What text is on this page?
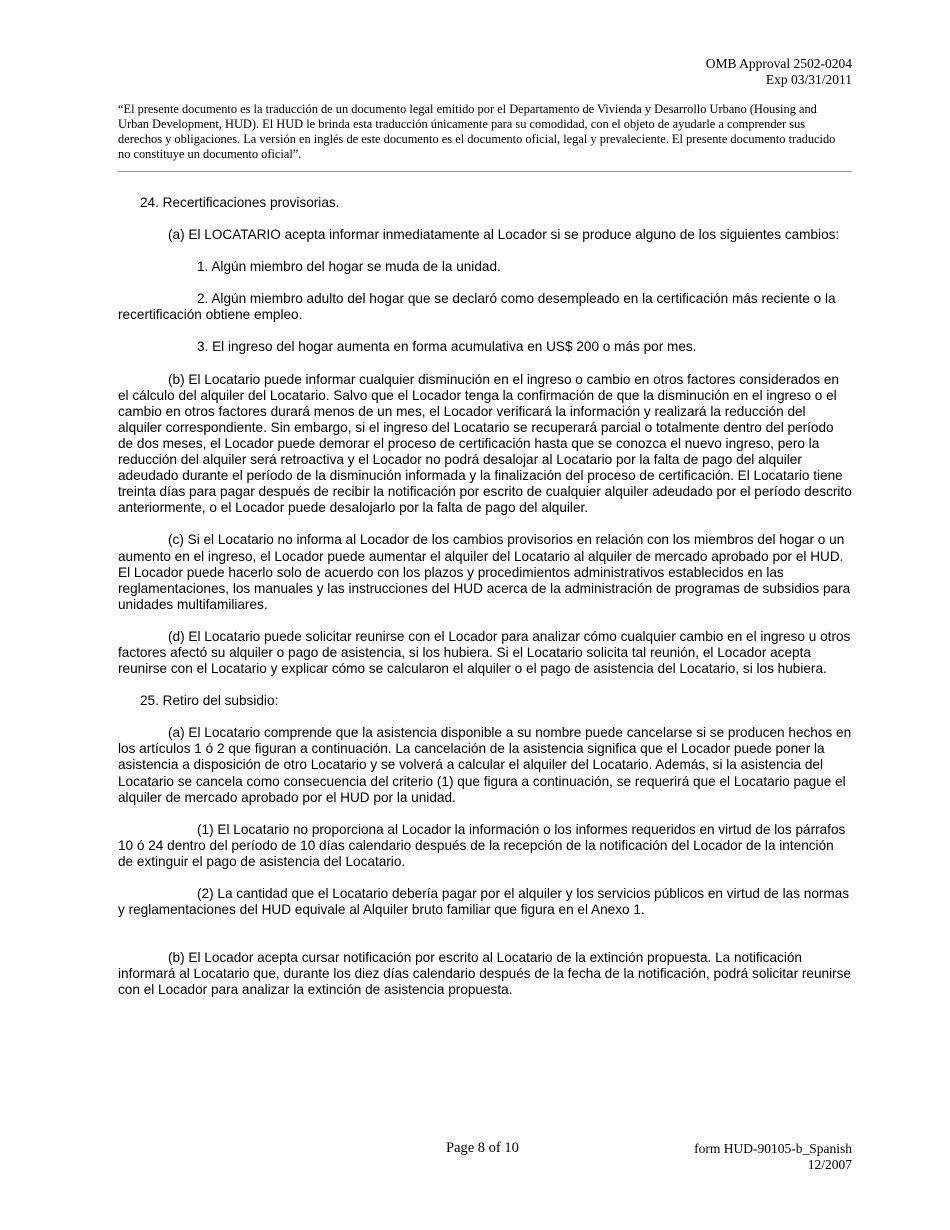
OMB Approval 2502-0204
Exp 03/31/2011

“El presente documento es la traducción de un documento legal emitido por el Departamento de Vivienda y Desarrollo Urbano (Housing and Urban Development, HUD). El HUD le brinda esta traducción únicamente para su comodidad, con el objeto de ayudarle a comprender sus derechos y obligaciones. La versión en inglés de este documento es el documento oficial, legal y prevaleciente. El presente documento traducido no constituye un documento oficial”.

24. Recertificaciones provisorias.

(a) El LOCATARIO acepta informar inmediatamente al Locador si se produce alguno de los siguientes cambios:

1. Algún miembro del hogar se muda de la unidad.

2. Algún miembro adulto del hogar que se declaró como desempleado en la certificación más reciente o la recertificación obtiene empleo.

3. El ingreso del hogar aumenta en forma acumulativa en US$ 200 o más por mes.

(b) El Locatario puede informar cualquier disminución en el ingreso o cambio en otros factores considerados en el cálculo del alquiler del Locatario. Salvo que el Locador tenga la confirmación de que la disminución en el ingreso o el cambio en otros factores durará menos de un mes, el Locador verificará la información y realizará la reducción del alquiler correspondiente. Sin embargo, si el ingreso del Locatario se recuperará parcial o totalmente dentro del período de dos meses, el Locador puede demorar el proceso de certificación hasta que se conozca el nuevo ingreso, pero la reducción del alquiler será retroactiva y el Locador no podrá desalojar al Locatario por la falta de pago del alquiler adeudado durante el período de la disminución informada y la finalización del proceso de certificación. El Locatario tiene treinta días para pagar después de recibir la notificación por escrito de cualquier alquiler adeudado por el período descrito anteriormente, o el Locador puede desalojarlo por la falta de pago del alquiler.

(c) Si el Locatario no informa al Locador de los cambios provisorios en relación con los miembros del hogar o un aumento en el ingreso, el Locador puede aumentar el alquiler del Locatario al alquiler de mercado aprobado por el HUD. El Locador puede hacerlo solo de acuerdo con los plazos y procedimientos administrativos establecidos en las reglamentaciones, los manuales y las instrucciones del HUD acerca de la administración de programas de subsidios para unidades multifamiliares.

(d) El Locatario puede solicitar reunirse con el Locador para analizar cómo cualquier cambio en el ingreso u otros factores afectó su alquiler o pago de asistencia, si los hubiera. Si el Locatario solicita tal reunión, el Locador acepta reunirse con el Locatario y explicar cómo se calcularon el alquiler o el pago de asistencia del Locatario, si los hubiera.

25. Retiro del subsidio:

(a) El Locatario comprende que la asistencia disponible a su nombre puede cancelarse si se producen hechos en los artículos 1 ó 2 que figuran a continuación. La cancelación de la asistencia significa que el Locador puede poner la asistencia a disposición de otro Locatario y se volverá a calcular el alquiler del Locatario. Además, si la asistencia del Locatario se cancela como consecuencia del criterio (1) que figura a continuación, se requerirá que el Locatario pague el alquiler de mercado aprobado por el HUD por la unidad.

(1) El Locatario no proporciona al Locador la información o los informes requeridos en virtud de los párrafos 10 ó 24 dentro del período de 10 días calendario después de la recepción de la notificación del Locador de la intención de extinguir el pago de asistencia del Locatario.

(2) La cantidad que el Locatario debería pagar por el alquiler y los servicios públicos en virtud de las normas y reglamentaciones del HUD equivale al Alquiler bruto familiar que figura en el Anexo 1.

(b) El Locador acepta cursar notificación por escrito al Locatario de la extinción propuesta. La notificación informará al Locatario que, durante los diez días calendario después de la fecha de la notificación, podrá solicitar reunirse con el Locador para analizar la extinción de asistencia propuesta.

Page 8 of 10	form HUD-90105-b_Spanish
12/2007
